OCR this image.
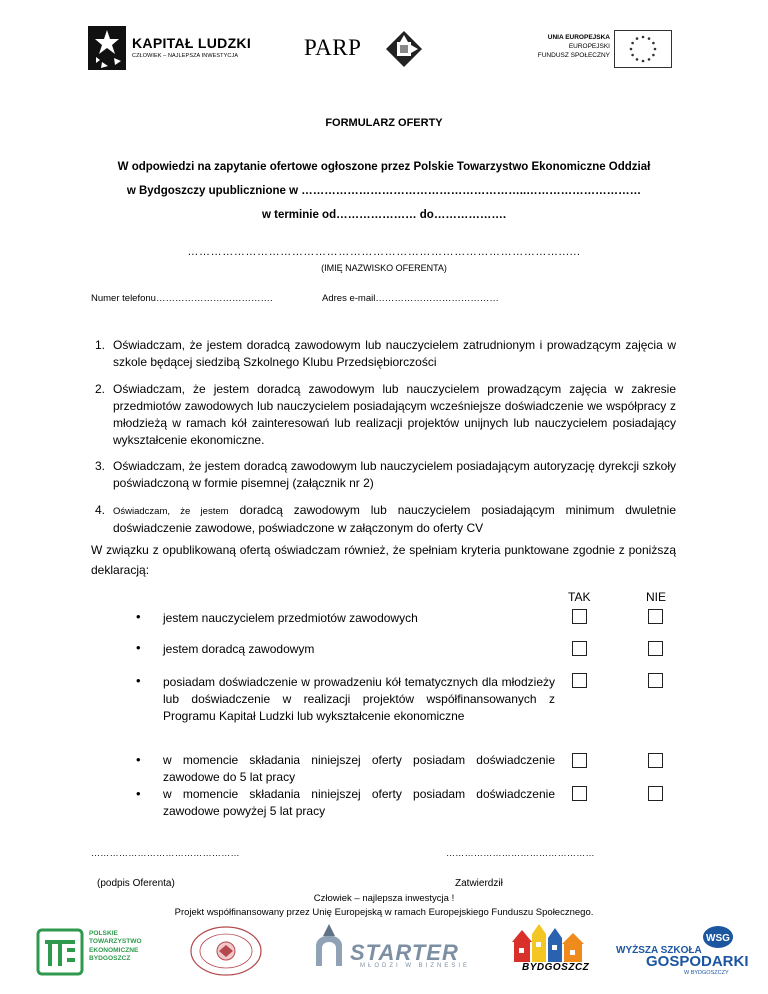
KAPITAŁ LUDZKI
CZŁOWIEK – NAJLEPSZA INWESTYCJA	PARP	UNIA EUROPEJSKA
EUROPEJSKI
FUNDUSZ SPOŁECZNY
FORMULARZ OFERTY
W odpowiedzi na zapytanie ofertowe ogłoszone przez Polskie Towarzystwo Ekonomiczne Oddział
w Bydgoszczy upublicznione w …………………………………………………..…………………………
w terminie od………………… do……………….
……………………………………………………………………………………......
(IMIĘ NAZWISKO OFERENTA)
Numer telefonu……………………………….	Adres e-mail…………………………………
1. Oświadczam, że jestem doradcą zawodowym lub nauczycielem zatrudnionym i prowadzącym zajęcia w szkole będącej siedzibą Szkolnego Klubu Przedsiębiorczości
2. Oświadczam, że jestem doradcą zawodowym lub nauczycielem prowadzącym zajęcia w zakresie przedmiotów zawodowych lub nauczycielem posiadającym wcześniejsze doświadczenie we współpracy z młodzieżą w ramach kół zainteresowań lub realizacji projektów unijnych lub nauczycielem posiadający wykształcenie ekonomiczne.
3. Oświadczam, że jestem doradcą zawodowym lub nauczycielem posiadającym autoryzację dyrekcji szkoły poświadczoną w formie pisemnej (załącznik nr 2)
4. Oświadczam, że jestem doradcą zawodowym lub nauczycielem posiadającym minimum dwuletnie doświadczenie zawodowe, poświadczone w załączonym do oferty CV
W związku z opublikowaną ofertą oświadczam również, że spełniam kryteria punktowane zgodnie z poniższą deklaracją:
TAK	NIE
• jestem nauczycielem przedmiotów zawodowych
• jestem doradcą zawodowym
• posiadam doświadczenie w prowadzeniu kół tematycznych dla młodzieży lub doświadczenie w realizacji projektów współfinansowanych z Programu Kapitał Ludzki lub wykształcenie ekonomiczne
• w momencie składania niniejszej oferty posiadam doświadczenie zawodowe do 5 lat pracy
• w momencie składania niniejszej oferty posiadam doświadczenie zawodowe powyżej 5 lat pracy
…………………………………………	…………………………………………
(podpis Oferenta)	Zatwierdził
Człowiek – najlepsza inwestycja !
Projekt współfinansowany przez Unię Europejską w ramach Europejskiego Funduszu Społecznego.
POLSKIE
TOWARZYSTWO
EKONOMICZNE
BYDGOSZCZ	STARTER
MŁODZI W BIZNESIE	BYDGOSZCZ
WSG
WYŻSZA SZKOŁA
GOSPODARKI
W BYDGOSZCZY
